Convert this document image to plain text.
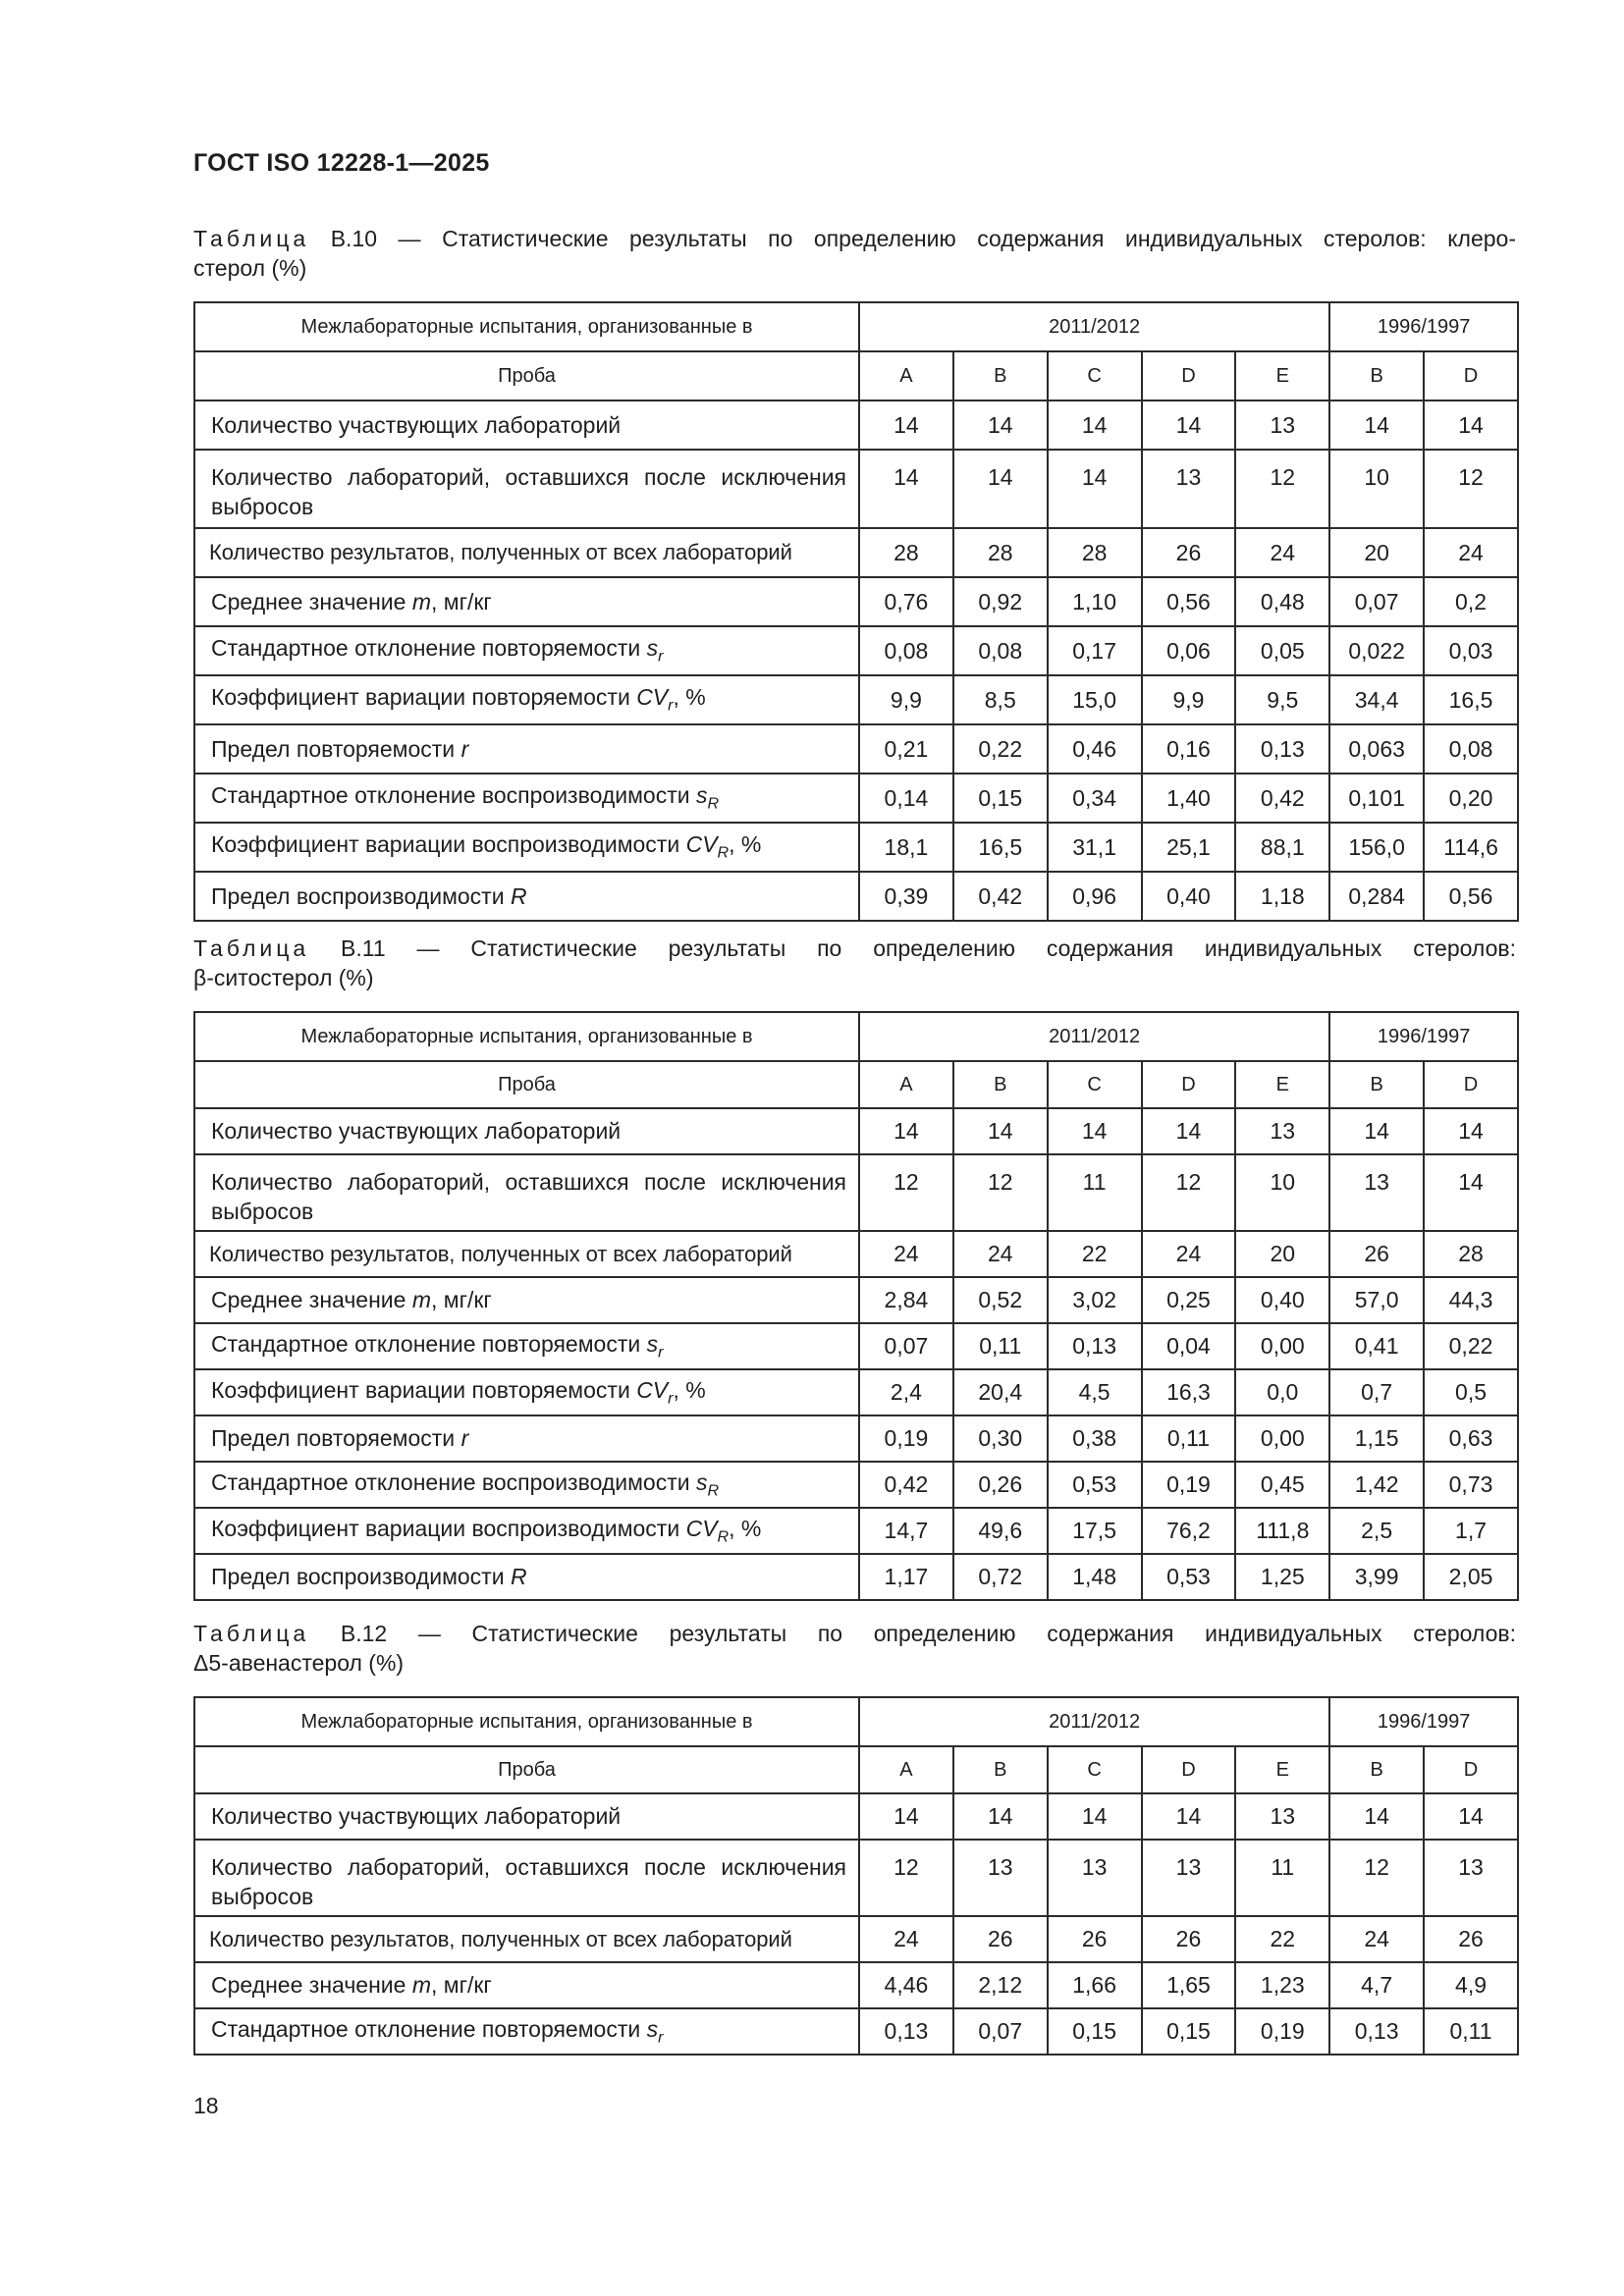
ГОСТ ISO 12228-1—2025
Таблица В.10 — Статистические результаты по определению содержания индивидуальных стеролов: клеро-
стерол (%)
Межлабораторные испытания, организованные в	2011/2012					1996/1997	
Проба	A	B	C	D	E	B	D
Количество участвующих лабораторий	14	14	14	14	13	14	14
Количество лабораторий, оставшихся после исключения выбросов	14	14	14	13	12	10	12
Количество результатов, полученных от всех лабораторий	28	28	28	26	24	20	24
Среднее значение m, мг/кг	0,76	0,92	1,10	0,56	0,48	0,07	0,2
Стандартное отклонение повторяемости $s_r$	0,08	0,08	0,17	0,06	0,05	0,022	0,03
Коэффициент вариации повторяемости $CV_r$, %	9,9	8,5	15,0	9,9	9,5	34,4	16,5
Предел повторяемости r	0,21	0,22	0,46	0,16	0,13	0,063	0,08
Стандартное отклонение воспроизводимости $s_R$	0,14	0,15	0,34	1,40	0,42	0,101	0,20
Коэффициент вариации воспроизводимости $CV_R$, %	18,1	16,5	31,1	25,1	88,1	156,0	114,6
Предел воспроизводимости R	0,39	0,42	0,96	0,40	1,18	0,284	0,56
Таблица В.11 — Статистические результаты по определению содержания индивидуальных стеролов:
β-ситостерол (%)
Межлабораторные испытания, организованные в	2011/2012					1996/1997	
Проба	A	B	C	D	E	B	D
Количество участвующих лабораторий	14	14	14	14	13	14	14
Количество лабораторий, оставшихся после исключения выбросов	12	12	11	12	10	13	14
Количество результатов, полученных от всех лабораторий	24	24	22	24	20	26	28
Среднее значение m, мг/кг	2,84	0,52	3,02	0,25	0,40	57,0	44,3
Стандартное отклонение повторяемости $s_r$	0,07	0,11	0,13	0,04	0,00	0,41	0,22
Коэффициент вариации повторяемости $CV_r$, %	2,4	20,4	4,5	16,3	0,0	0,7	0,5
Предел повторяемости r	0,19	0,30	0,38	0,11	0,00	1,15	0,63
Стандартное отклонение воспроизводимости $s_R$	0,42	0,26	0,53	0,19	0,45	1,42	0,73
Коэффициент вариации воспроизводимости $CV_R$, %	14,7	49,6	17,5	76,2	111,8	2,5	1,7
Предел воспроизводимости R	1,17	0,72	1,48	0,53	1,25	3,99	2,05
Таблица В.12 — Статистические результаты по определению содержания индивидуальных стеролов:
Δ5-авенастерол (%)
Межлабораторные испытания, организованные в	2011/2012					1996/1997	
Проба	A	B	C	D	E	B	D
Количество участвующих лабораторий	14	14	14	14	13	14	14
Количество лабораторий, оставшихся после исключения выбросов	12	13	13	13	11	12	13
Количество результатов, полученных от всех лабораторий	24	26	26	26	22	24	26
Среднее значение m, мг/кг	4,46	2,12	1,66	1,65	1,23	4,7	4,9
Стандартное отклонение повторяемости $s_r$	0,13	0,07	0,15	0,15	0,19	0,13	0,11
18
